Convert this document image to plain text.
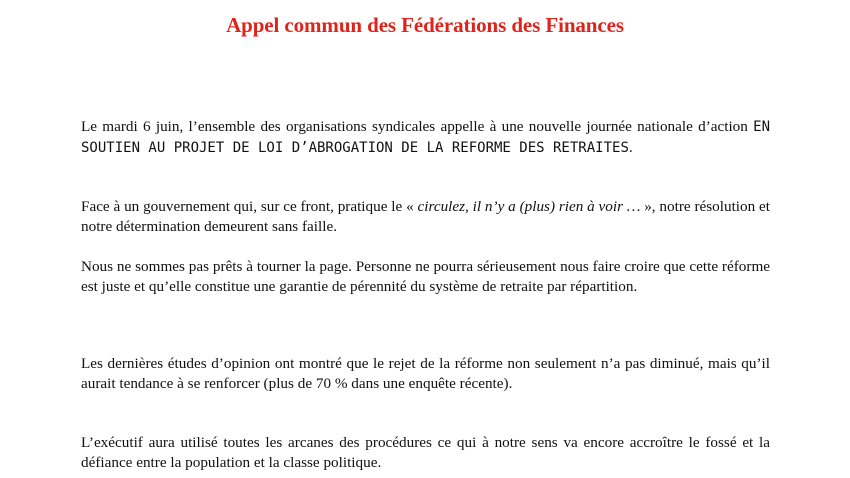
Appel commun des Fédérations des Finances

Le mardi 6 juin, l’ensemble des organisations syndicales appelle à une nouvelle journée nationale d’action EN SOUTIEN AU PROJET DE LOI D’ABROGATION DE LA REFORME DES RETRAITES.

Face à un gouvernement qui, sur ce front, pratique le « circulez, il n’y a (plus) rien à voir … », notre résolution et notre détermination demeurent sans faille.

Nous ne sommes pas prêts à tourner la page. Personne ne pourra sérieusement nous faire croire que cette réforme est juste et qu’elle constitue une garantie de pérennité du système de retraite par répartition.

Les dernières études d’opinion ont montré que le rejet de la réforme non seulement n’a pas diminué, mais qu’il aurait tendance à se renforcer (plus de 70 % dans une enquête récente).

L’exécutif aura utilisé toutes les arcanes des procédures ce qui à notre sens va encore accroître le fossé et la défiance entre la population et la classe politique.
